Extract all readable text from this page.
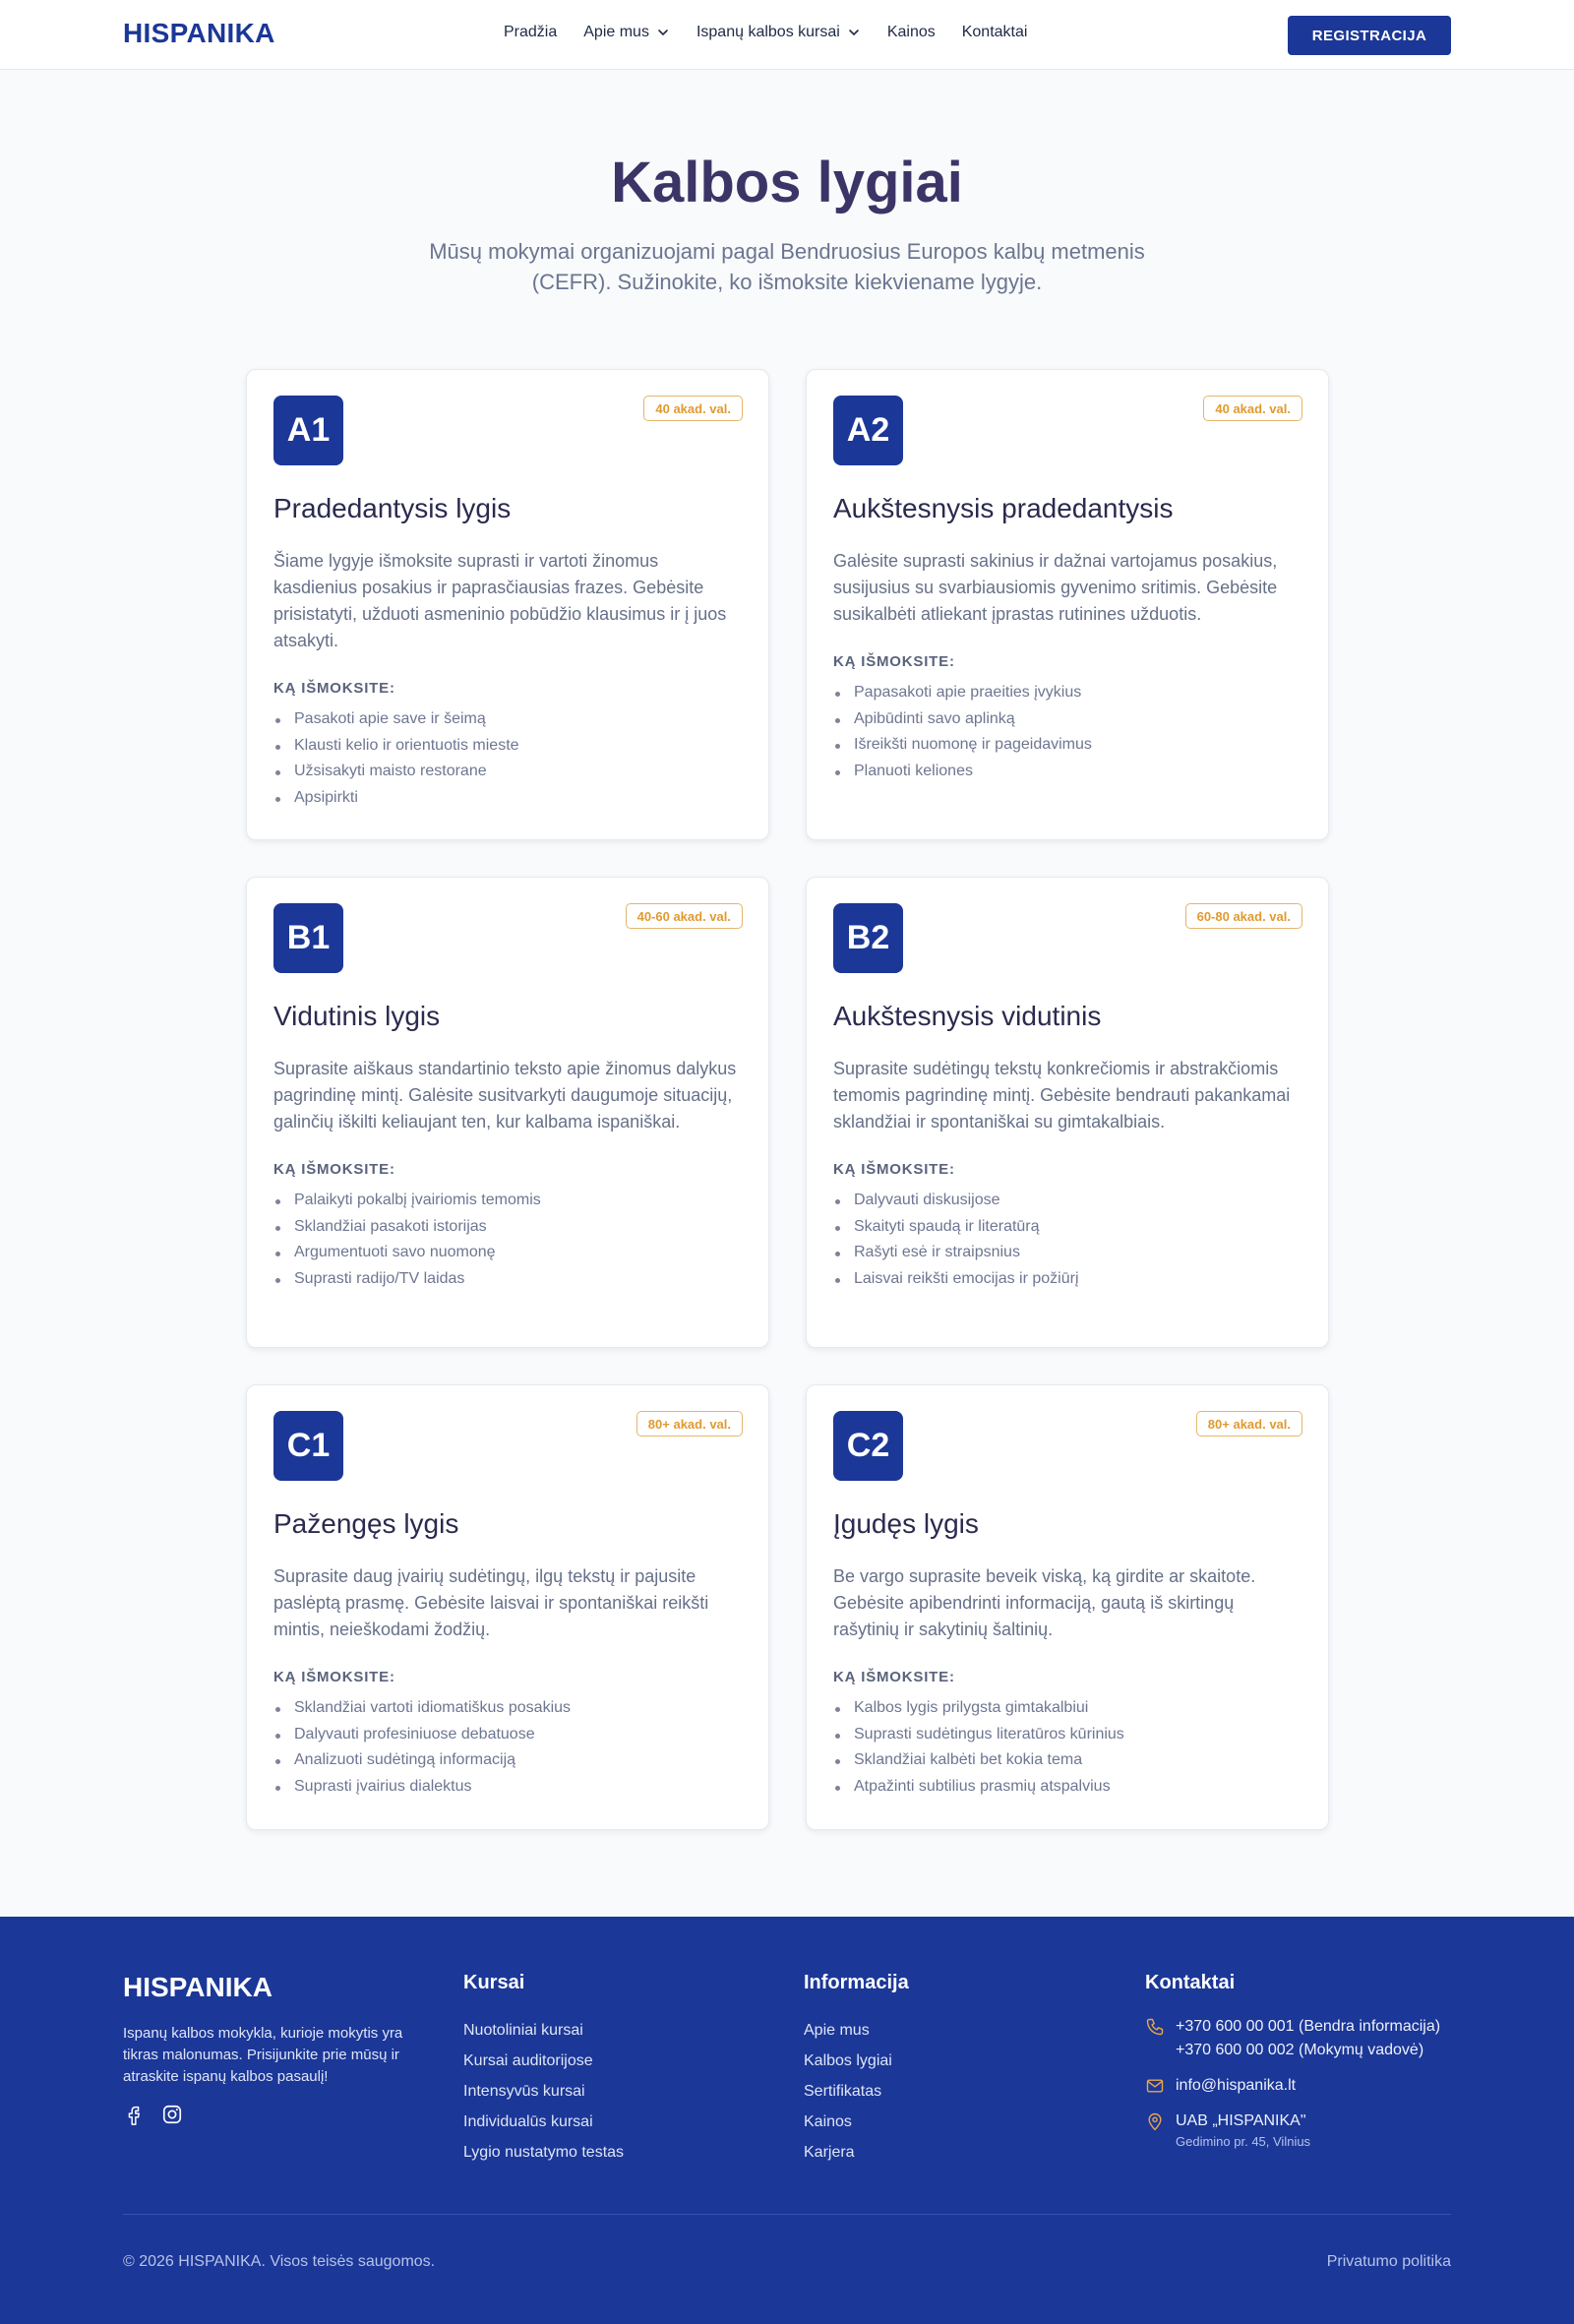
HISPANIKA	Pradžia Apie mus	Ispanų kalbos kursai	Kainos Kontaktai	REGISTRACIJA
Kalbos lygiai

Mūsų mokymai organizuojami pagal Bendruosius Europos kalbų metmenis (CEFR). Sužinokite, ko išmoksite kiekviename lygyje.

A1
40 akad. val.
Pradedantysis lygis

Šiame lygyje išmoksite suprasti ir vartoti žinomus kasdienius posakius ir paprasčiausias frazes. Gebėsite prisistatyti, užduoti asmeninio pobūdžio klausimus ir į juos atsakyti.

KĄ IŠMOKSITE:
Pasakoti apie save ir šeimą
Klausti kelio ir orientuotis mieste
Užsisakyti maisto restorane
Apsipirkti
A2
40 akad. val.
Aukštesnysis pradedantysis

Galėsite suprasti sakinius ir dažnai vartojamus posakius, susijusius su svarbiausiomis gyvenimo sritimis. Gebėsite susikalbėti atliekant įprastas rutinines užduotis.

KĄ IŠMOKSITE:
Papasakoti apie praeities įvykius
Apibūdinti savo aplinką
Išreikšti nuomonę ir pageidavimus
Planuoti keliones
B1
40-60 akad. val.
Vidutinis lygis

Suprasite aiškaus standartinio teksto apie žinomus dalykus pagrindinę mintį. Galėsite susitvarkyti daugumoje situacijų, galinčių iškilti keliaujant ten, kur kalbama ispaniškai.

KĄ IŠMOKSITE:
Palaikyti pokalbį įvairiomis temomis
Sklandžiai pasakoti istorijas
Argumentuoti savo nuomonę
Suprasti radijo/TV laidas
B2
60-80 akad. val.
Aukštesnysis vidutinis

Suprasite sudėtingų tekstų konkrečiomis ir abstrakčiomis temomis pagrindinę mintį. Gebėsite bendrauti pakankamai sklandžiai ir spontaniškai su gimtakalbiais.

KĄ IŠMOKSITE:
Dalyvauti diskusijose
Skaityti spaudą ir literatūrą
Rašyti esė ir straipsnius
Laisvai reikšti emocijas ir požiūrį
C1
80+ akad. val.
Pažengęs lygis

Suprasite daug įvairių sudėtingų, ilgų tekstų ir pajusite paslėptą prasmę. Gebėsite laisvai ir spontaniškai reikšti mintis, neieškodami žodžių.

KĄ IŠMOKSITE:
Sklandžiai vartoti idiomatiškus posakius
Dalyvauti profesiniuose debatuose
Analizuoti sudėtingą informaciją
Suprasti įvairius dialektus
C2
80+ akad. val.
Įgudęs lygis

Be vargo suprasite beveik viską, ką girdite ar skaitote. Gebėsite apibendrinti informaciją, gautą iš skirtingų rašytinių ir sakytinių šaltinių.

KĄ IŠMOKSITE:
Kalbos lygis prilygsta gimtakalbiui
Suprasti sudėtingus literatūros kūrinius
Sklandžiai kalbėti bet kokia tema
Atpažinti subtilius prasmių atspalvius
HISPANIKA

Ispanų kalbos mokykla, kurioje mokytis yra tikras malonumas. Prisijunkite prie mūsų ir atraskite ispanų kalbos pasaulį!

Kursai
Nuotoliniai kursai
Kursai auditorijose
Intensyvūs kursai
Individualūs kursai
Lygio nustatymo testas
Informacija
Apie mus
Kalbos lygiai
Sertifikatas
Kainos
Karjera
Kontaktai
+370 600 00 001 (Bendra informacija)
+370 600 00 002 (Mokymų vadovė)
info@hispanika.lt
UAB „HISPANIKA"
Gedimino pr. 45, Vilnius
© 2026 HISPANIKA. Visos teisės saugomos.	Privatumo politika
